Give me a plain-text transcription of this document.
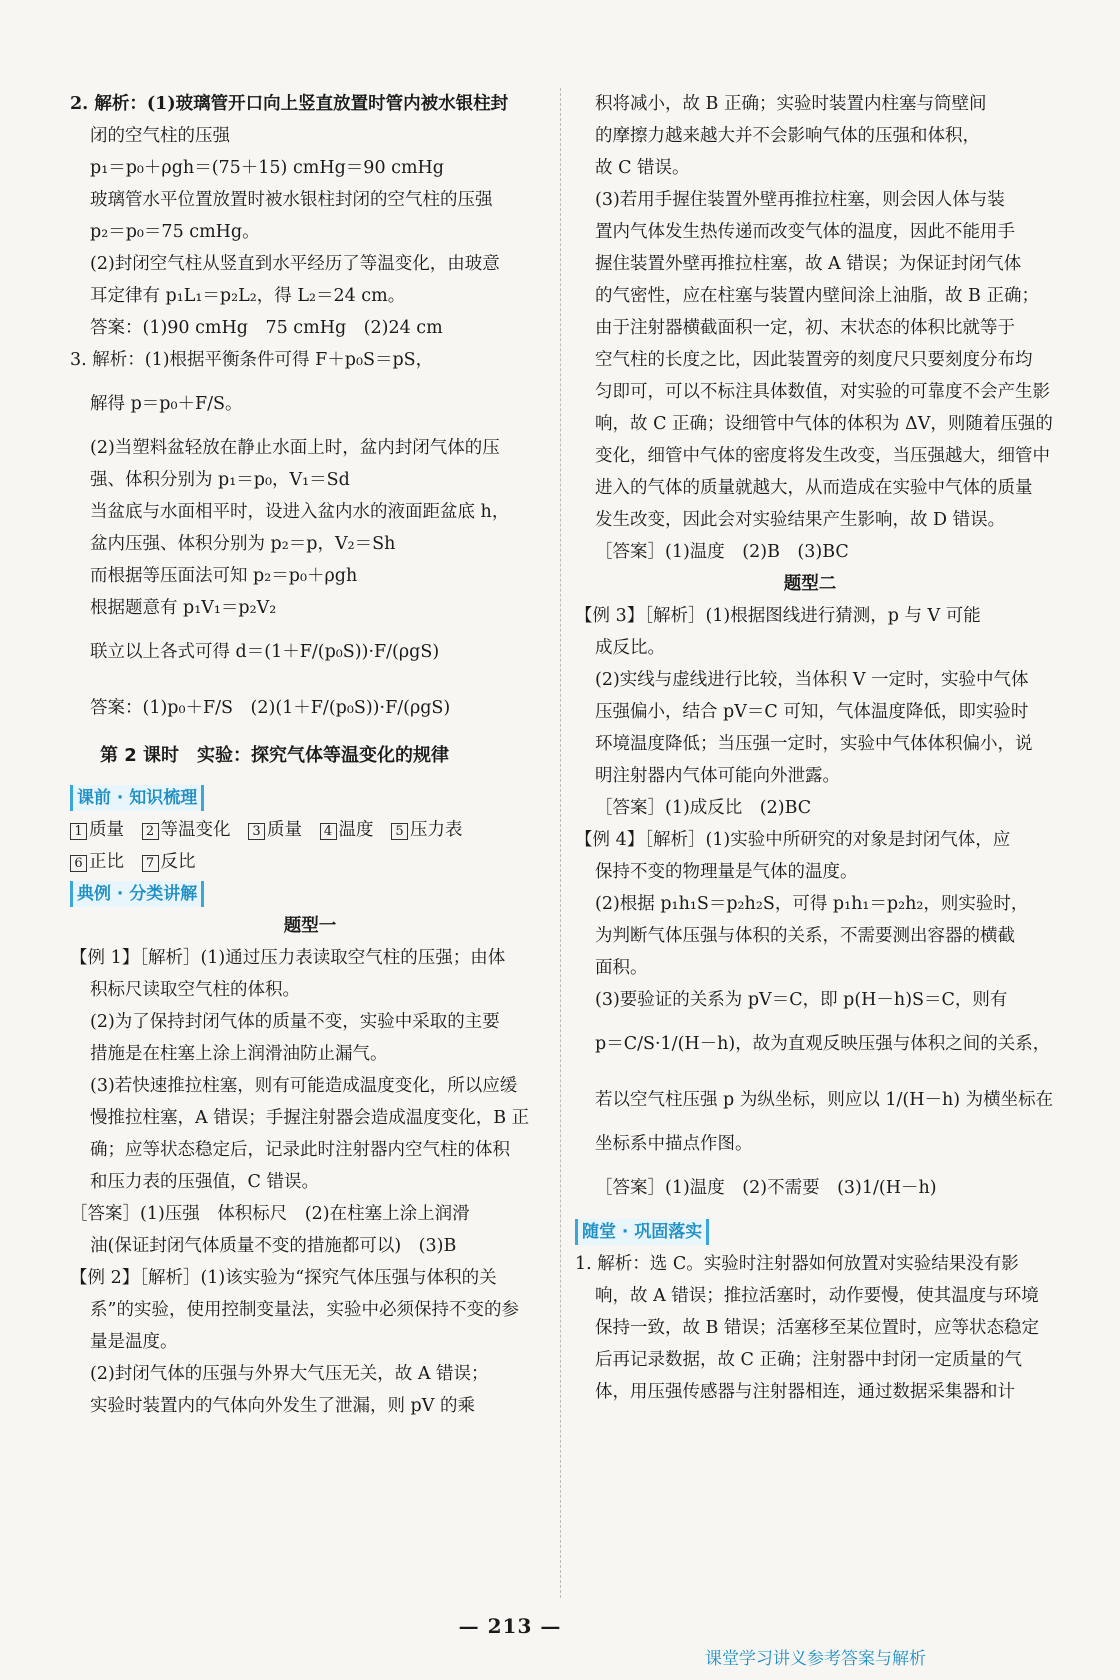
2. 解析：(1)玻璃管开口向上竖直放置时管内被水银柱封
闭的空气柱的压强
p₁＝p₀＋ρgh＝(75＋15) cmHg＝90 cmHg
玻璃管水平位置放置时被水银柱封闭的空气柱的压强
p₂＝p₀＝75 cmHg。
(2)封闭空气柱从竖直到水平经历了等温变化，由玻意
耳定律有 p₁L₁＝p₂L₂，得 L₂＝24 cm。
答案：(1)90 cmHg　75 cmHg　(2)24 cm
3. 解析：(1)根据平衡条件可得 F＋p₀S＝pS，
解得 p＝p₀＋F/S。
(2)当塑料盆轻放在静止水面上时，盆内封闭气体的压
强、体积分别为 p₁＝p₀，V₁＝Sd
当盆底与水面相平时，设进入盆内水的液面距盆底 h，
盆内压强、体积分别为 p₂＝p，V₂＝Sh
而根据等压面法可知 p₂＝p₀＋ρgh
根据题意有 p₁V₁＝p₂V₂
联立以上各式可得 d＝(1＋F/(p₀S))·F/(ρgS)
答案：(1)p₀＋F/S　(2)(1＋F/(p₀S))·F/(ρgS)
第 2 课时　实验：探究气体等温变化的规律
课前 · 知识梳理
1 质量　 2 等温变化　 3 质量　 4 温度　 5 压力表　
6 正比　 7 反比　
典例 · 分类讲解
题型一
【例 1】［解析］(1)通过压力表读取空气柱的压强；由体
积标尺读取空气柱的体积。
(2)为了保持封闭气体的质量不变，实验中采取的主要
措施是在柱塞上涂上润滑油防止漏气。
(3)若快速推拉柱塞，则有可能造成温度变化，所以应缓
慢推拉柱塞，A 错误；手握注射器会造成温度变化，B 正
确；应等状态稳定后，记录此时注射器内空气柱的体积
和压力表的压强值，C 错误。
［答案］(1)压强　体积标尺　(2)在柱塞上涂上润滑
油(保证封闭气体质量不变的措施都可以)　(3)B
【例 2】［解析］(1)该实验为“探究气体压强与体积的关
系”的实验，使用控制变量法，实验中必须保持不变的参
量是温度。
(2)封闭气体的压强与外界大气压无关，故 A 错误；
实验时装置内的气体向外发生了泄漏，则 pV 的乘
积将减小，故 B 正确；实验时装置内柱塞与筒壁间
的摩擦力越来越大并不会影响气体的压强和体积，
故 C 错误。
(3)若用手握住装置外壁再推拉柱塞，则会因人体与装
置内气体发生热传递而改变气体的温度，因此不能用手
握住装置外壁再推拉柱塞，故 A 错误；为保证封闭气体
的气密性，应在柱塞与装置内壁间涂上油脂，故 B 正确；
由于注射器横截面积一定，初、末状态的体积比就等于
空气柱的长度之比，因此装置旁的刻度尺只要刻度分布均
匀即可，可以不标注具体数值，对实验的可靠度不会产生影
响，故 C 正确；设细管中气体的体积为 ΔV，则随着压强的
变化，细管中气体的密度将发生改变，当压强越大，细管中
进入的气体的质量就越大，从而造成在实验中气体的质量
发生改变，因此会对实验结果产生影响，故 D 错误。
［答案］(1)温度　(2)B　(3)BC
题型二
【例 3】［解析］(1)根据图线进行猜测，p 与 V 可能
成反比。
(2)实线与虚线进行比较，当体积 V 一定时，实验中气体
压强偏小，结合 pV＝C 可知，气体温度降低，即实验时
环境温度降低；当压强一定时，实验中气体体积偏小，说
明注射器内气体可能向外泄露。
［答案］(1)成反比　(2)BC
【例 4】［解析］(1)实验中所研究的对象是封闭气体，应
保持不变的物理量是气体的温度。
(2)根据 p₁h₁S＝p₂h₂S，可得 p₁h₁＝p₂h₂，则实验时，
为判断气体压强与体积的关系，不需要测出容器的横截
面积。
(3)要验证的关系为 pV＝C，即 p(H－h)S＝C，则有
p＝C/S·1/(H－h)，故为直观反映压强与体积之间的关系，
若以空气柱压强 p 为纵坐标，则应以 1/(H－h) 为横坐标在
坐标系中描点作图。
［答案］(1)温度　(2)不需要　(3)1/(H－h)
随堂 · 巩固落实
1. 解析：选 C。实验时注射器如何放置对实验结果没有影
响，故 A 错误；推拉活塞时，动作要慢，使其温度与环境
保持一致，故 B 错误；活塞移至某位置时，应等状态稳定
后再记录数据，故 C 正确；注射器中封闭一定质量的气
体，用压强传感器与注射器相连，通过数据采集器和计
— 213 —
课堂学习讲义参考答案与解析
